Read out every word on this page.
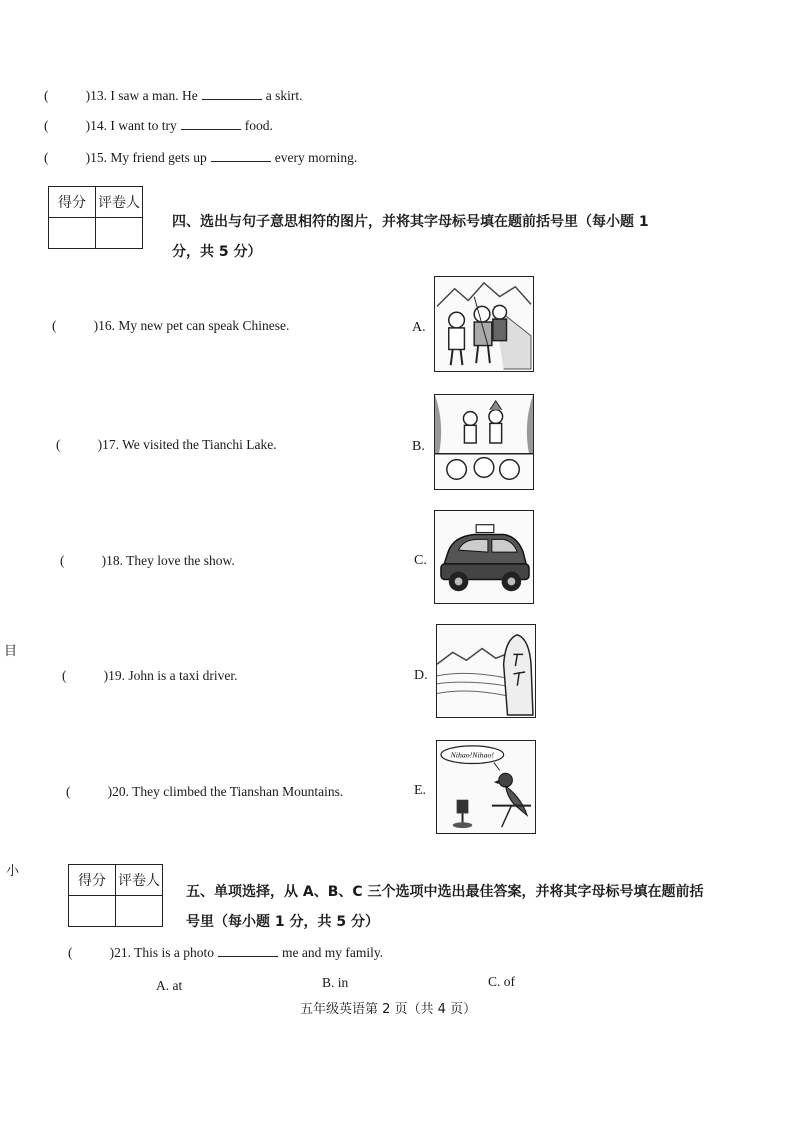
(           )13. I saw a man. He	a skirt.
(           )14. I want to try	food.
(           )15. My friend gets up	every morning.
得分	评卷人

四、选出与句子意思相符的图片，并将其字母标号填在题前括号里（每小题 1
分，共 5 分）
(           )16. My new pet can speak Chinese.
(           )17. We visited the Tianchi Lake.
(           )18. They love the show.
(           )19. John is a taxi driver.
(           )20. They climbed the Tianshan Mountains.
A.
B.
C.
D.
E.
Nihao!Nihao!
目
小
得分	评卷人

五、单项选择，从 A、B、C 三个选项中选出最佳答案，并将其字母标号填在题前括
号里（每小题 1 分，共 5 分）
(           )21. This is a photo	me and my family.
A. at	B. in	C. of
五年级英语第 2 页（共 4 页）
